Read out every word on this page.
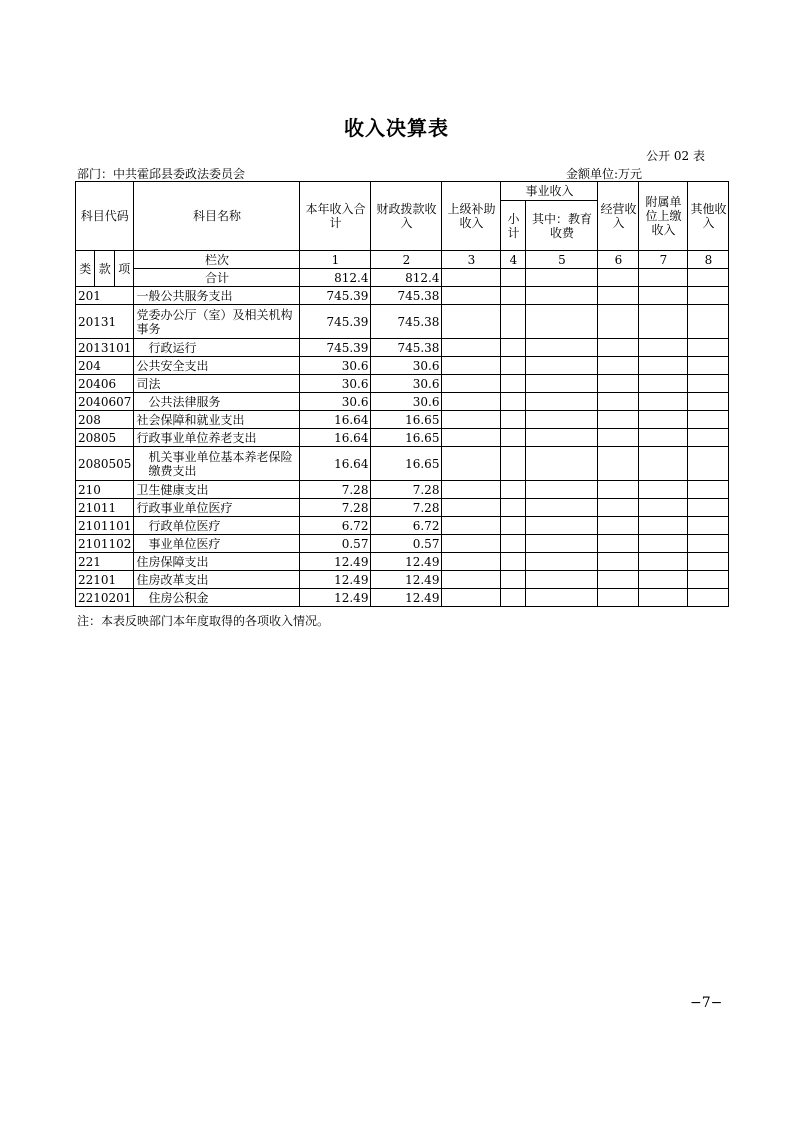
收入决算表
公开 02 表
部门：中共霍邱县委政法委员会	金额单位:万元
科目代码			科目名称	本年收入合计	财政拨款收入	上级补助收入	事业收入		经营收入	附属单位上缴收入	其他收入
							小计	其中：教育收费			
类	款	项	栏次	1	2	3	4	5	6	7	8
			合计	812.4	812.4						
201			一般公共服务支出	745.39	745.38						
20131			党委办公厅（室）及相关机构事务	745.39	745.38						
2013101			行政运行	745.39	745.38						
204			公共安全支出	30.6	30.6						
20406			司法	30.6	30.6						
2040607			公共法律服务	30.6	30.6						
208			社会保障和就业支出	16.64	16.65						
20805			行政事业单位养老支出	16.64	16.65						
2080505			机关事业单位基本养老保险缴费支出	16.64	16.65						
210			卫生健康支出	7.28	7.28						
21011			行政事业单位医疗	7.28	7.28						
2101101			行政单位医疗	6.72	6.72						
2101102			事业单位医疗	0.57	0.57						
221			住房保障支出	12.49	12.49						
22101			住房改革支出	12.49	12.49						
2210201			住房公积金	12.49	12.49						
注：本表反映部门本年度取得的各项收入情况。
−7−
